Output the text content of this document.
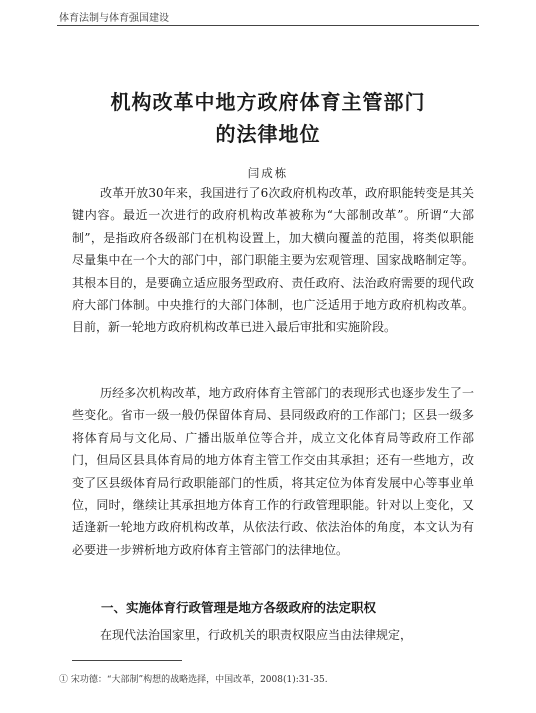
体育法制与体育强国建设
机构改革中地方政府体育主管部门
的法律地位
闫成栋

改革开放30年来，我国进行了6次政府机构改革，政府职能转变是其关键内容。最近一次进行的政府机构改革被称为“大部制改革”。所谓“大部制”，是指政府各级部门在机构设置上，加大横向覆盖的范围，将类似职能尽量集中在一个大的部门中，部门职能主要为宏观管理、国家战略制定等。其根本目的，是要确立适应服务型政府、责任政府、法治政府需要的现代政府大部门体制。中央推行的大部门体制，也广泛适用于地方政府机构改革。目前，新一轮地方政府机构改革已进入最后审批和实施阶段。

历经多次机构改革，地方政府体育主管部门的表现形式也逐步发生了一些变化。省市一级一般仍保留体育局、县同级政府的工作部门；区县一级多将体育局与文化局、广播出版单位等合并，成立文化体育局等政府工作部门，但局区县具体育局的地方体育主管工作交由其承担；还有一些地方，改变了区县级体育局行政职能部门的性质，将其定位为体育发展中心等事业单位，同时，继续让其承担地方体育工作的行政管理职能。针对以上变化，又适逢新一轮地方政府机构改革，从依法行政、依法治体的角度，本文认为有必要进一步辨析地方政府体育主管部门的法律地位。

一、实施体育行政管理是地方各级政府的法定职权

在现代法治国家里，行政机关的职责权限应当由法律规定，

① 宋功德：“大部制”构想的战略选择，中国改革，2008(1):31-35.
